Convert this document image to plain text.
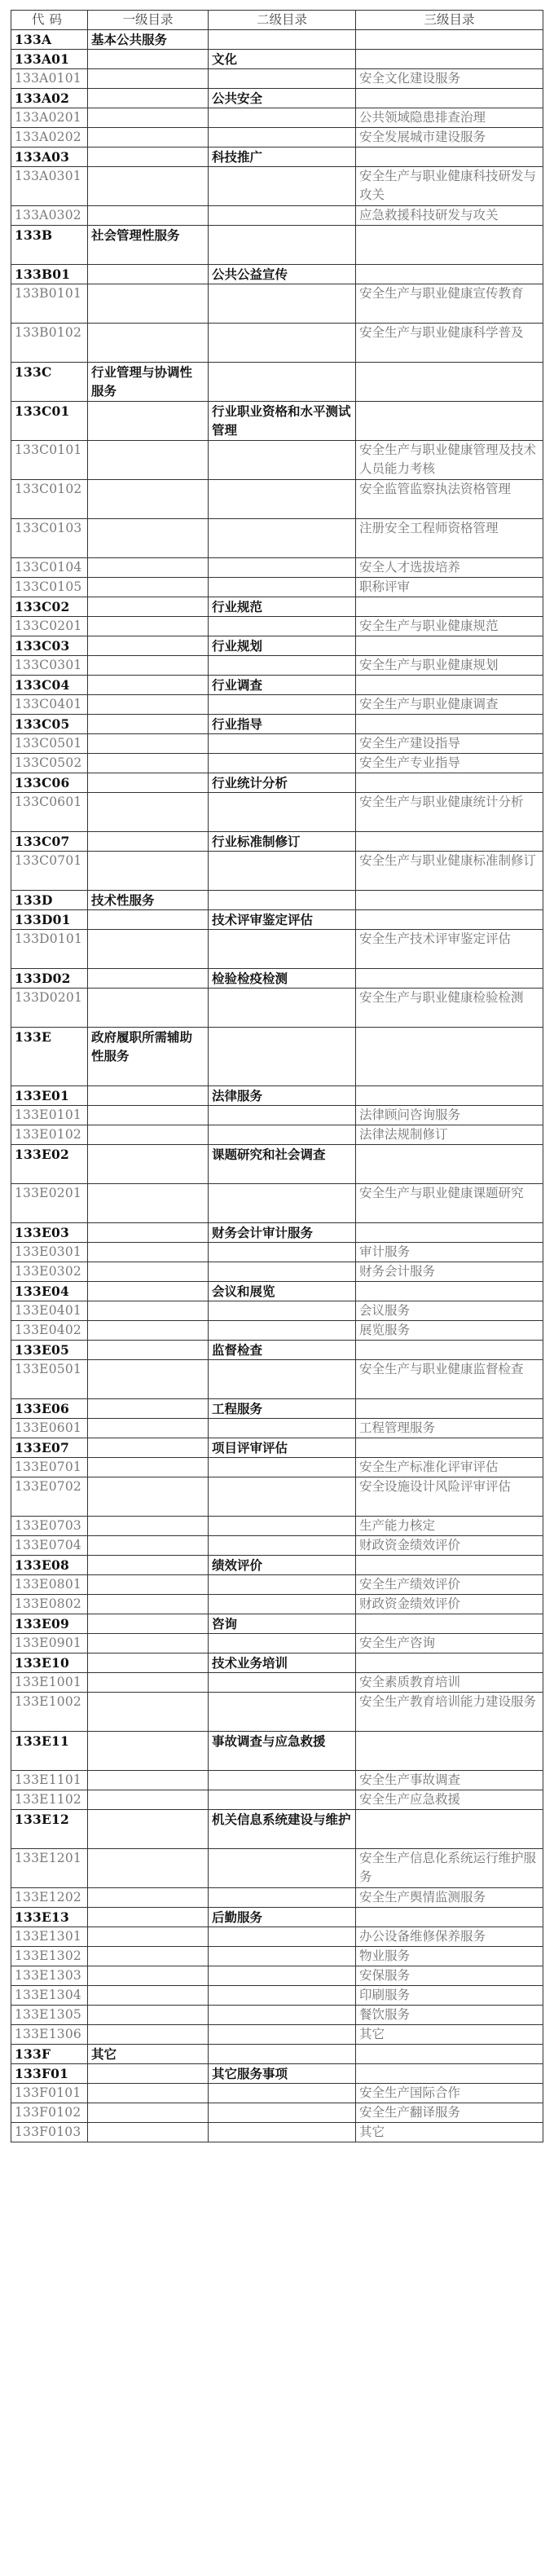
代码	一级目录	二级目录	三级目录
133A	基本公共服务		
133A01		文化	
133A0101			安全文化建设服务
133A02		公共安全	
133A0201			公共领域隐患排查治理
133A0202			安全发展城市建设服务
133A03		科技推广	
133A0301			安全生产与职业健康科技研发与攻关
133A0302			应急救援科技研发与攻关
133B	社会管理性服务		
133B01		公共公益宣传	
133B0101			安全生产与职业健康宣传教育
133B0102			安全生产与职业健康科学普及
133C	行业管理与协调性服务		
133C01		行业职业资格和水平测试管理	
133C0101			安全生产与职业健康管理及技术人员能力考核
133C0102			安全监管监察执法资格管理
133C0103			注册安全工程师资格管理
133C0104			安全人才选拔培养
133C0105			职称评审
133C02		行业规范	
133C0201			安全生产与职业健康规范
133C03		行业规划	
133C0301			安全生产与职业健康规划
133C04		行业调查	
133C0401			安全生产与职业健康调查
133C05		行业指导	
133C0501			安全生产建设指导
133C0502			安全生产专业指导
133C06		行业统计分析	
133C0601			安全生产与职业健康统计分析
133C07		行业标准制修订	
133C0701			安全生产与职业健康标准制修订
133D	技术性服务		
133D01		技术评审鉴定评估	
133D0101			安全生产技术评审鉴定评估
133D02		检验检疫检测	
133D0201			安全生产与职业健康检验检测
133E	政府履职所需辅助性服务		
133E01		法律服务	
133E0101			法律顾问咨询服务
133E0102			法律法规制修订
133E02		课题研究和社会调查	
133E0201			安全生产与职业健康课题研究
133E03		财务会计审计服务	
133E0301			审计服务
133E0302			财务会计服务
133E04		会议和展览	
133E0401			会议服务
133E0402			展览服务
133E05		监督检查	
133E0501			安全生产与职业健康监督检查
133E06		工程服务	
133E0601			工程管理服务
133E07		项目评审评估	
133E0701			安全生产标准化评审评估
133E0702			安全设施设计风险评审评估
133E0703			生产能力核定
133E0704			财政资金绩效评价
133E08		绩效评价	
133E0801			安全生产绩效评价
133E0802			财政资金绩效评价
133E09		咨询	
133E0901			安全生产咨询
133E10		技术业务培训	
133E1001			安全素质教育培训
133E1002			安全生产教育培训能力建设服务
133E11		事故调查与应急救援	
133E1101			安全生产事故调查
133E1102			安全生产应急救援
133E12		机关信息系统建设与维护	
133E1201			安全生产信息化系统运行维护服务
133E1202			安全生产舆情监测服务
133E13		后勤服务	
133E1301			办公设备维修保养服务
133E1302			物业服务
133E1303			安保服务
133E1304			印刷服务
133E1305			餐饮服务
133E1306			其它
133F	其它		
133F01		其它服务事项	
133F0101			安全生产国际合作
133F0102			安全生产翻译服务
133F0103			其它
